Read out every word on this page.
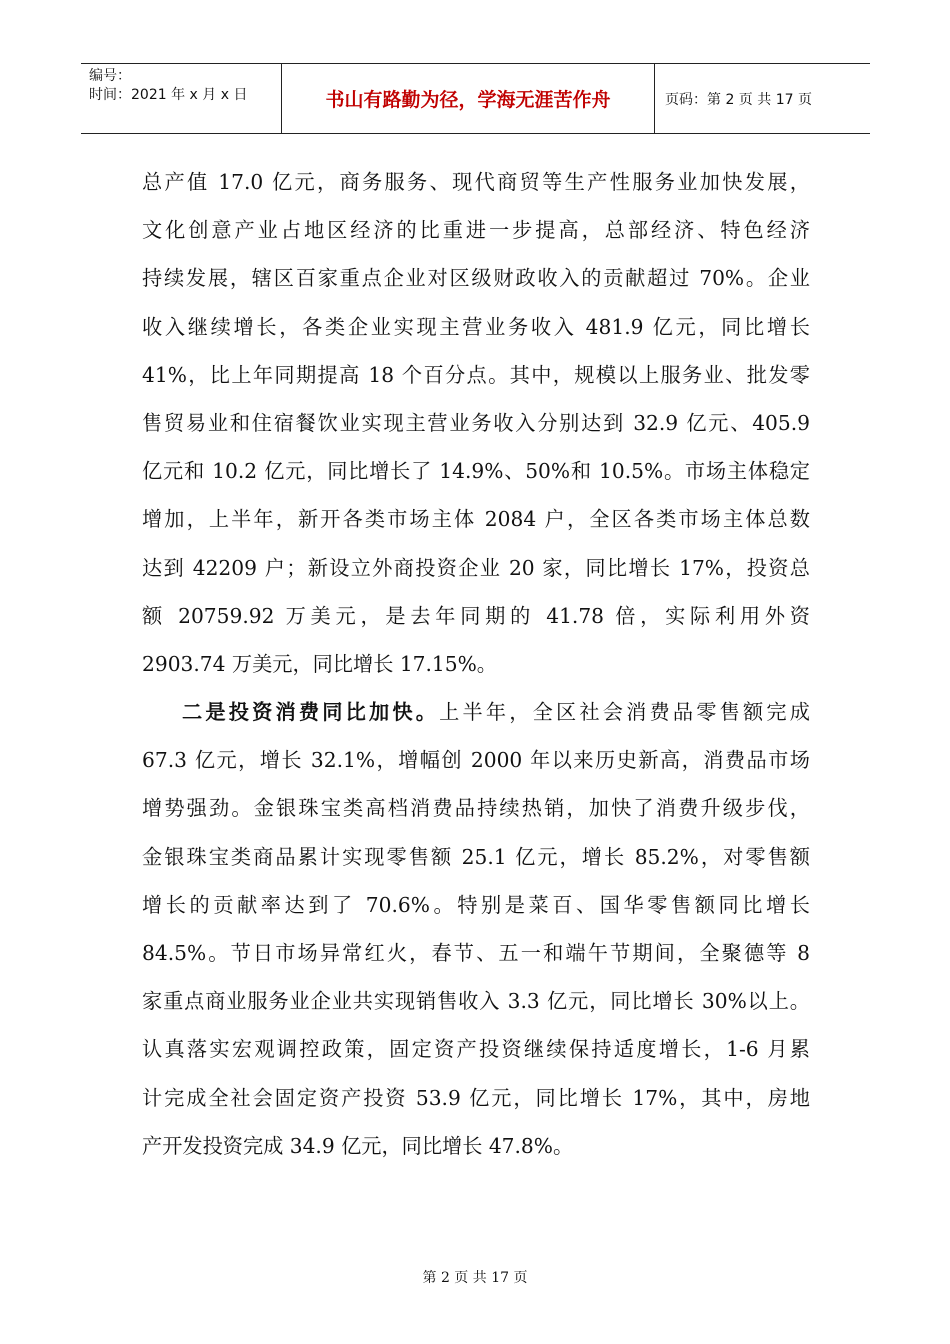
编号：
时间：2021 年 x 月 x 日	书山有路勤为径，学海无涯苦作舟	页码：第 2 页 共 17 页
总产值 17.0 亿元，商务服务、现代商贸等生产性服务业加快发展，
文化创意产业占地区经济的比重进一步提高，总部经济、特色经济
持续发展，辖区百家重点企业对区级财政收入的贡献超过 70%。企业
收入继续增长，各类企业实现主营业务收入 481.9 亿元，同比增长
41%，比上年同期提高 18 个百分点。其中，规模以上服务业、批发零
售贸易业和住宿餐饮业实现主营业务收入分别达到 32.9 亿元、405.9
亿元和 10.2 亿元，同比增长了 14.9%、50%和 10.5%。市场主体稳定
增加，上半年，新开各类市场主体 2084 户，全区各类市场主体总数
达到 42209 户；新设立外商投资企业 20 家，同比增长 17%，投资总
额 20759.92 万美元，是去年同期的 41.78 倍，实际利用外资
2903.74 万美元，同比增长 17.15%。
二是投资消费同比加快。上半年，全区社会消费品零售额完成
67.3 亿元，增长 32.1%，增幅创 2000 年以来历史新高，消费品市场
增势强劲。金银珠宝类高档消费品持续热销，加快了消费升级步伐，
金银珠宝类商品累计实现零售额 25.1 亿元，增长 85.2%，对零售额
增长的贡献率达到了 70.6%。特别是菜百、国华零售额同比增长
84.5%。节日市场异常红火，春节、五一和端午节期间，全聚德等 8
家重点商业服务业企业共实现销售收入 3.3 亿元，同比增长 30%以上。
认真落实宏观调控政策，固定资产投资继续保持适度增长，1-6 月累
计完成全社会固定资产投资 53.9 亿元，同比增长 17%，其中，房地
产开发投资完成 34.9 亿元，同比增长 47.8%。
第 2 页 共 17 页
